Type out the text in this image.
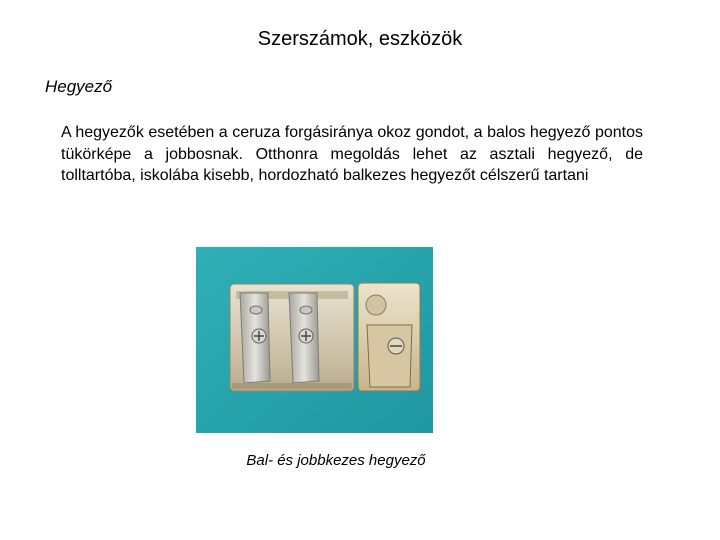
Szerszámok, eszközök
Hegyező
A hegyezők esetében a ceruza forgásiránya okoz gondot, a balos hegyező pontos tükörképe a jobbosnak. Otthonra megoldás lehet az asztali hegyező, de tolltartóba, iskolába kisebb, hordozható balkezes hegyezőt célszerű tartani
Bal- és jobbkezes hegyező
